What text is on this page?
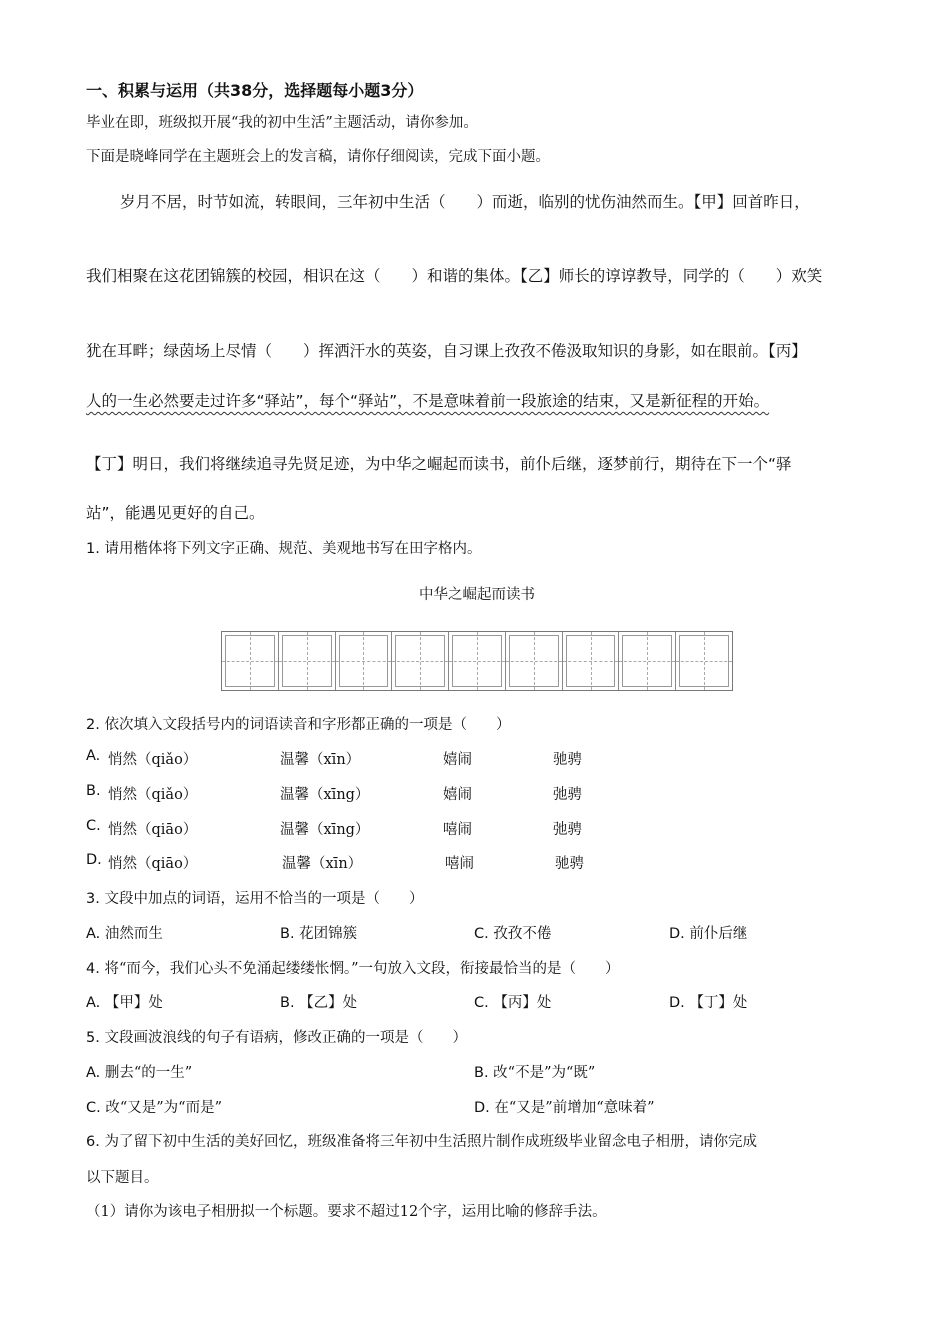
一、积累与运用（共38分，选择题每小题3分）
毕业在即，班级拟开展“我的初中生活”主题活动，请你参加。
下面是晓峰同学在主题班会上的发言稿，请你仔细阅读，完成下面小题。
岁月不居，时节如流，转眼间，三年初中生活（　　）而逝，临别的忧伤油然而生。【甲】回首昨日，
我们相聚在这花团锦簇的校园，相识在这（　　）和谐的集体。【乙】师长的谆谆教导，同学的（　　）欢笑
犹在耳畔；绿茵场上尽情（　　）挥洒汗水的英姿，自习课上孜孜不倦汲取知识的身影，如在眼前。【丙】
人的一生必然要走过许多“驿站”，每个“驿站”，不是意味着前一段旅途的结束，又是新征程的开始。
【丁】明日，我们将继续追寻先贤足迹，为中华之崛起而读书，前仆后继，逐梦前行，期待在下一个“驿
站”，能遇见更好的自己。
1. 请用楷体将下列文字正确、规范、美观地书写在田字格内。
中华之崛起而读书
2. 依次填入文段括号内的词语读音和字形都正确的一项是（　　）
A. 悄然（qiǎo）	温馨（xīn）	嬉闹	驰骋
B. 悄然（qiǎo）	温馨（xīng）	嬉闹	弛骋
C. 悄然（qiāo）	温馨（xīng）	嘻闹	弛骋
D. 悄然（qiāo）	温馨（xīn）	嘻闹	驰骋
3. 文段中加点的词语，运用不恰当的一项是（　　）
A. 油然而生	B. 花团锦簇	C. 孜孜不倦	D. 前仆后继
4. 将“而今，我们心头不免涌起缕缕怅惘。”一句放入文段，衔接最恰当的是（　　）
A. 【甲】处	B. 【乙】处	C. 【丙】处	D. 【丁】处
5. 文段画波浪线的句子有语病，修改正确的一项是（　　）
A. 删去“的一生”	B. 改“不是”为“既”
C. 改“又是”为“而是”	D. 在“又是”前增加“意味着”
6. 为了留下初中生活的美好回忆，班级准备将三年初中生活照片制作成班级毕业留念电子相册，请你完成
以下题目。
（1）请你为该电子相册拟一个标题。要求不超过12个字，运用比喻的修辞手法。
